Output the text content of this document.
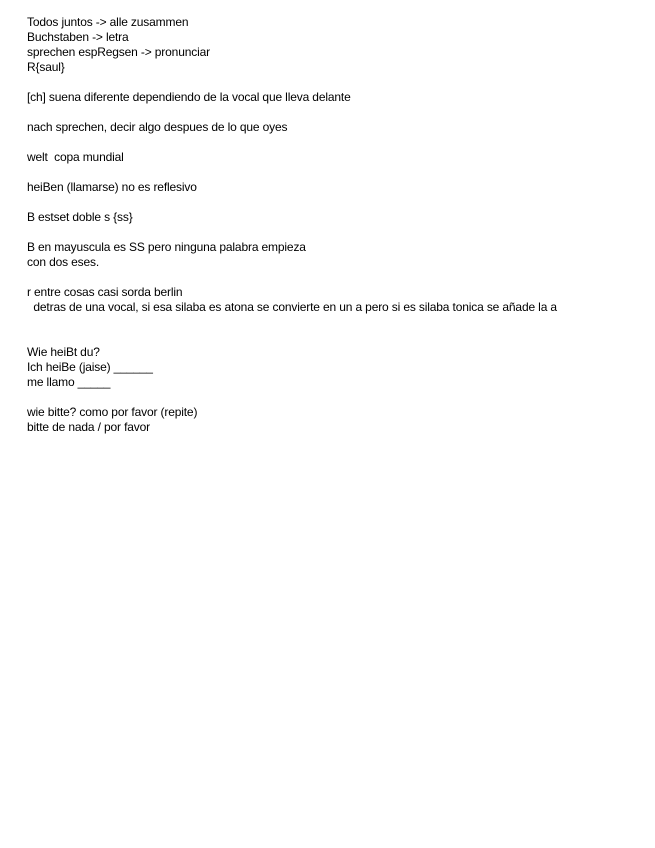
Todos juntos -> alle zusammen
Buchstaben -> letra
sprechen espRegsen -> pronunciar
R{saul}
[ch] suena diferente dependiendo de la vocal que lleva delante
nach sprechen, decir algo despues de lo que oyes
welt  copa mundial
heiBen (llamarse) no es reflesivo
B estset doble s {ss}
B en mayuscula es SS pero ninguna palabra empieza
con dos eses.
r entre cosas casi sorda berlin
detras de una vocal, si esa silaba es atona se convierte en un a pero si es silaba tonica se añade la a
Wie heiBt du?
Ich heiBe (jaise) ______
me llamo _____
wie bitte? como por favor (repite)
bitte de nada / por favor
